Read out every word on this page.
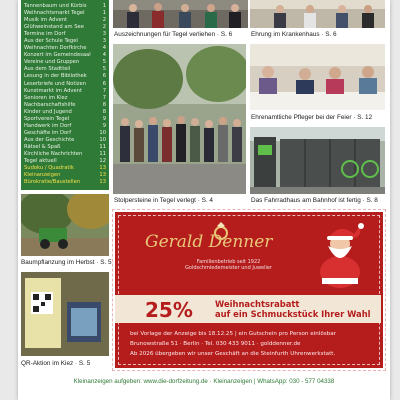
Tannenbaum und Kürbis	1
Weihnachtsmarkt Tegel	1
Musik im Advent	2
Glühweinstand am See	2
Termine im Dorf	3
Aus der Schule Tegel	3
Weihnachten Dorfkirche	4
Konzert im Gemeindesaal	4
Vereine und Gruppen	5
Aus dem Stadtteil	5
Lesung in der Bibliothek	6
Leserbriefe und Notizen	6
Kunstmarkt im Advent	7
Senioren im Kiez	7
Nachbarschaftshilfe	8
Kinder und Jugend	8
Sportverein Tegel	9
Handwerk im Dorf	9
Geschäfte im Dorf	10
Aus der Geschichte	10
Rätsel & Spaß	11
Kirchliche Nachrichten	11
Tegel aktuell	12
Sudoku / Quadratik	13
Kleinanzeigen	13
Bürokratie/Baustellen	13
Auszeichnungen für Tegel verliehen · S. 6	Ehrung im Krankenhaus · S. 6
Stolpersteine in Tegel verlegt · S. 4
Ehrenamtliche Pfleger bei der Feier · S. 12
Das Fahrradhaus am Bahnhof ist fertig · S. 8
Baumpflanzung im Herbst · S. 5
QR-Aktion im Kiez · S. 5
Gerald Denner
Familienbetrieb seit 1922
Goldschmiedemeister und Juwelier
25%	Weihnachtsrabatt
auf ein Schmuckstück Ihrer Wahl
bei Vorlage der Anzeige bis 18.12.25 | ein Gutschein pro Person einlösbar
Brunowstraße 51 · Berlin · Tel. 030 433 9011 · golddenner.de
Ab 2026 übergeben wir unser Geschäft an die Steinfurth Uhrenwerkstatt.
Kleinanzeigen aufgeben: www.die-dorfzeitung.de · Kleinanzeigen | WhatsApp: 030 - 577 04338
